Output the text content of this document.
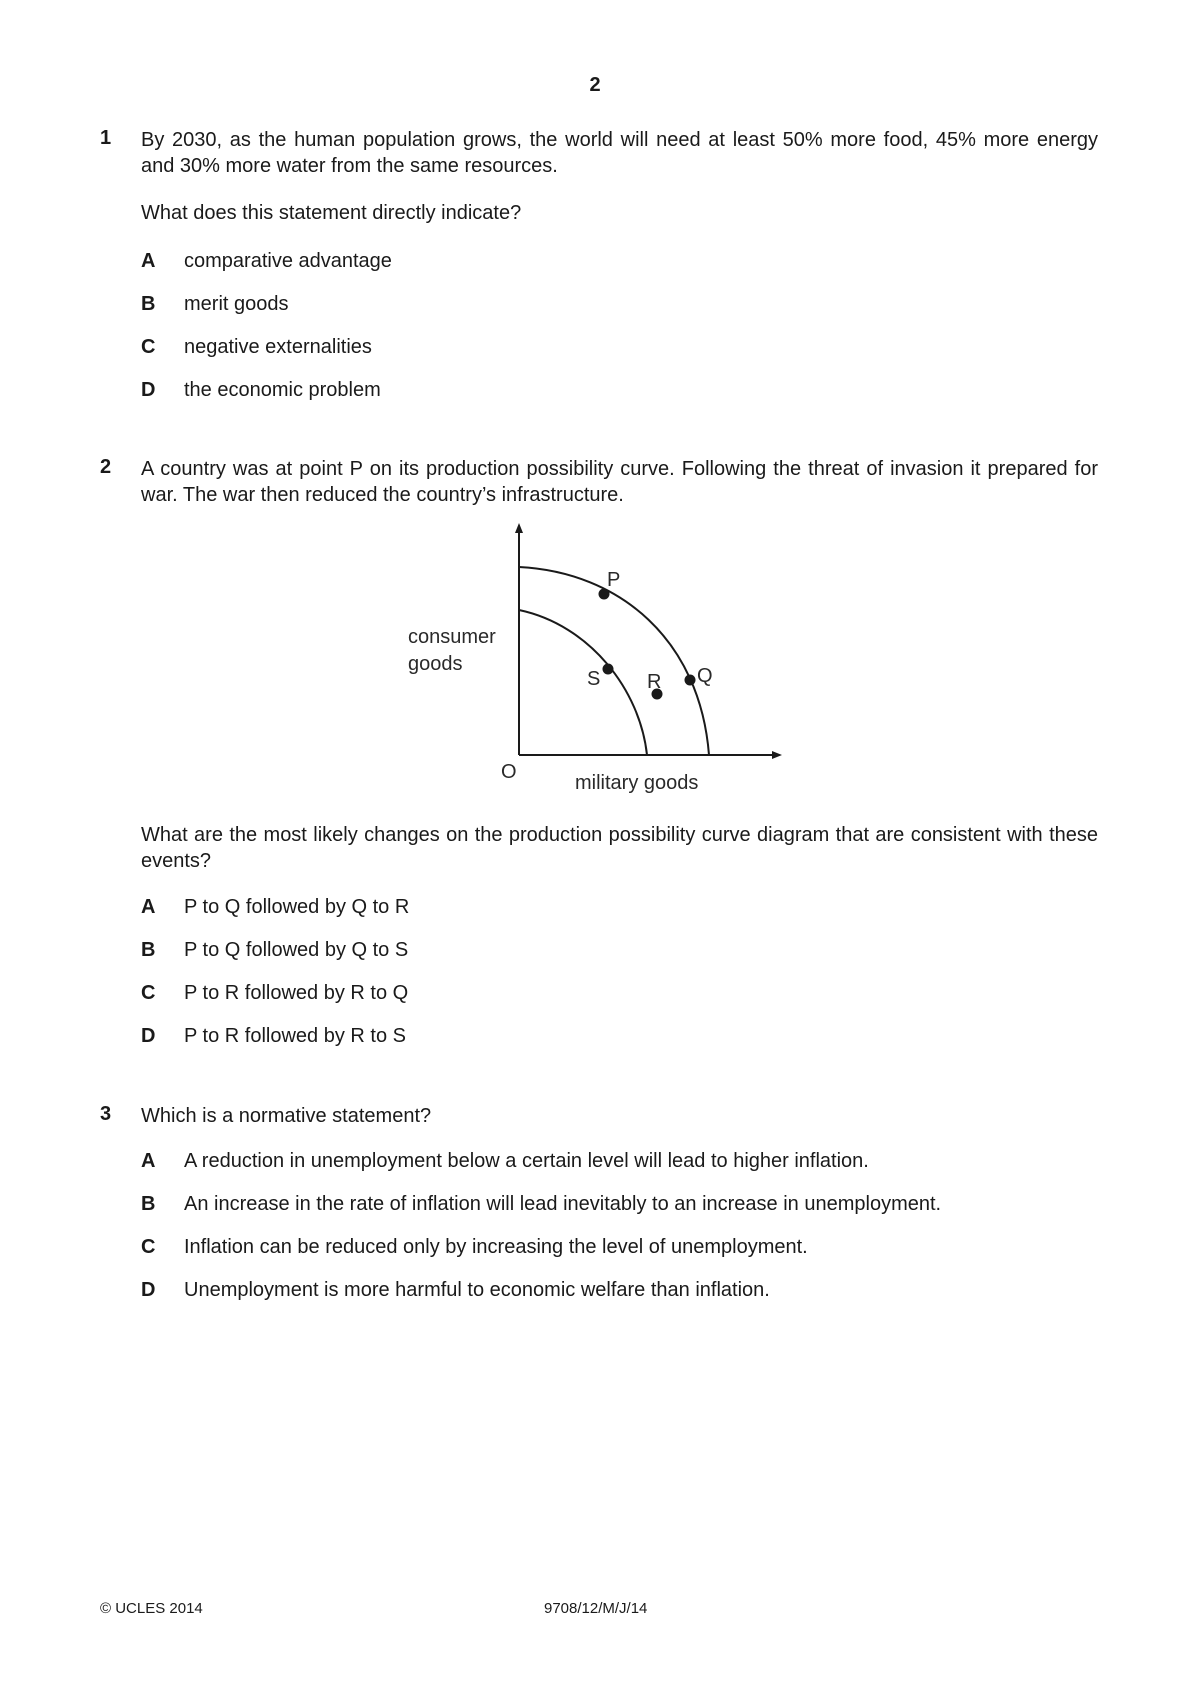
2
1 By 2030, as the human population grows, the world will need at least 50% more food, 45% more energy and 30% more water from the same resources.
What does this statement directly indicate?
A comparative advantage
B merit goods
C negative externalities
D the economic problem
2 A country was at point P on its production possibility curve. Following the threat of invasion it prepared for war. The war then reduced the country’s infrastructure.
P
Q
R
S
consumer
goods
O	military goods
What are the most likely changes on the production possibility curve diagram that are consistent with these events?
A P to Q followed by Q to R
B P to Q followed by Q to S
C P to R followed by R to Q
D P to R followed by R to S
3 Which is a normative statement?
A A reduction in unemployment below a certain level will lead to higher inflation.
B An increase in the rate of inflation will lead inevitably to an increase in unemployment.
C Inflation can be reduced only by increasing the level of unemployment.
D Unemployment is more harmful to economic welfare than inflation.
© UCLES 2014	9708/12/M/J/14
